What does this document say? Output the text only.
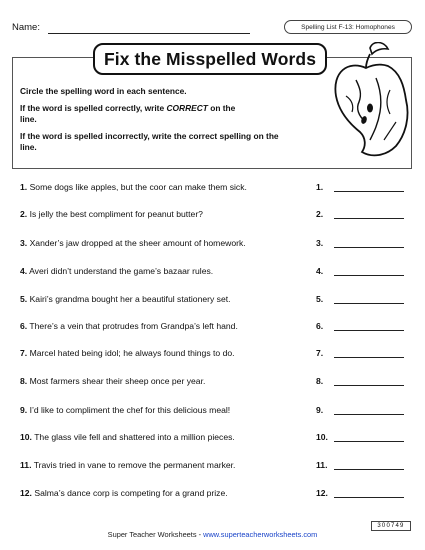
Name:	Spelling List F-13: Homophones
Fix the Misspelled Words
Circle the spelling word in each sentence.
If the word is spelled correctly, write CORRECT on the line.
If the word is spelled incorrectly, write the correct spelling on the line.
1. Some dogs like apples, but the coor can make them sick.	1.
2. Is jelly the best compliment for peanut butter?	2.
3. Xander’s jaw dropped at the sheer amount of homework.	3.
4. Averi didn’t understand the game’s bazaar rules.	4.
5. Kairi’s grandma bought her a beautiful stationery set.	5.
6. There’s a vein that protrudes from Grandpa’s left hand.	6.
7. Marcel hated being idol; he always found things to do.	7.
8. Most farmers shear their sheep once per year.	8.
9. I’d like to compliment the chef for this delicious meal!	9.
10. The glass vile fell and shattered into a million pieces.	10.
11. Travis tried in vane to remove the permanent marker.	11.
12. Salma’s dance corp is competing for a grand prize.	12.
300749
Super Teacher Worksheets - www.superteacherworksheets.com
